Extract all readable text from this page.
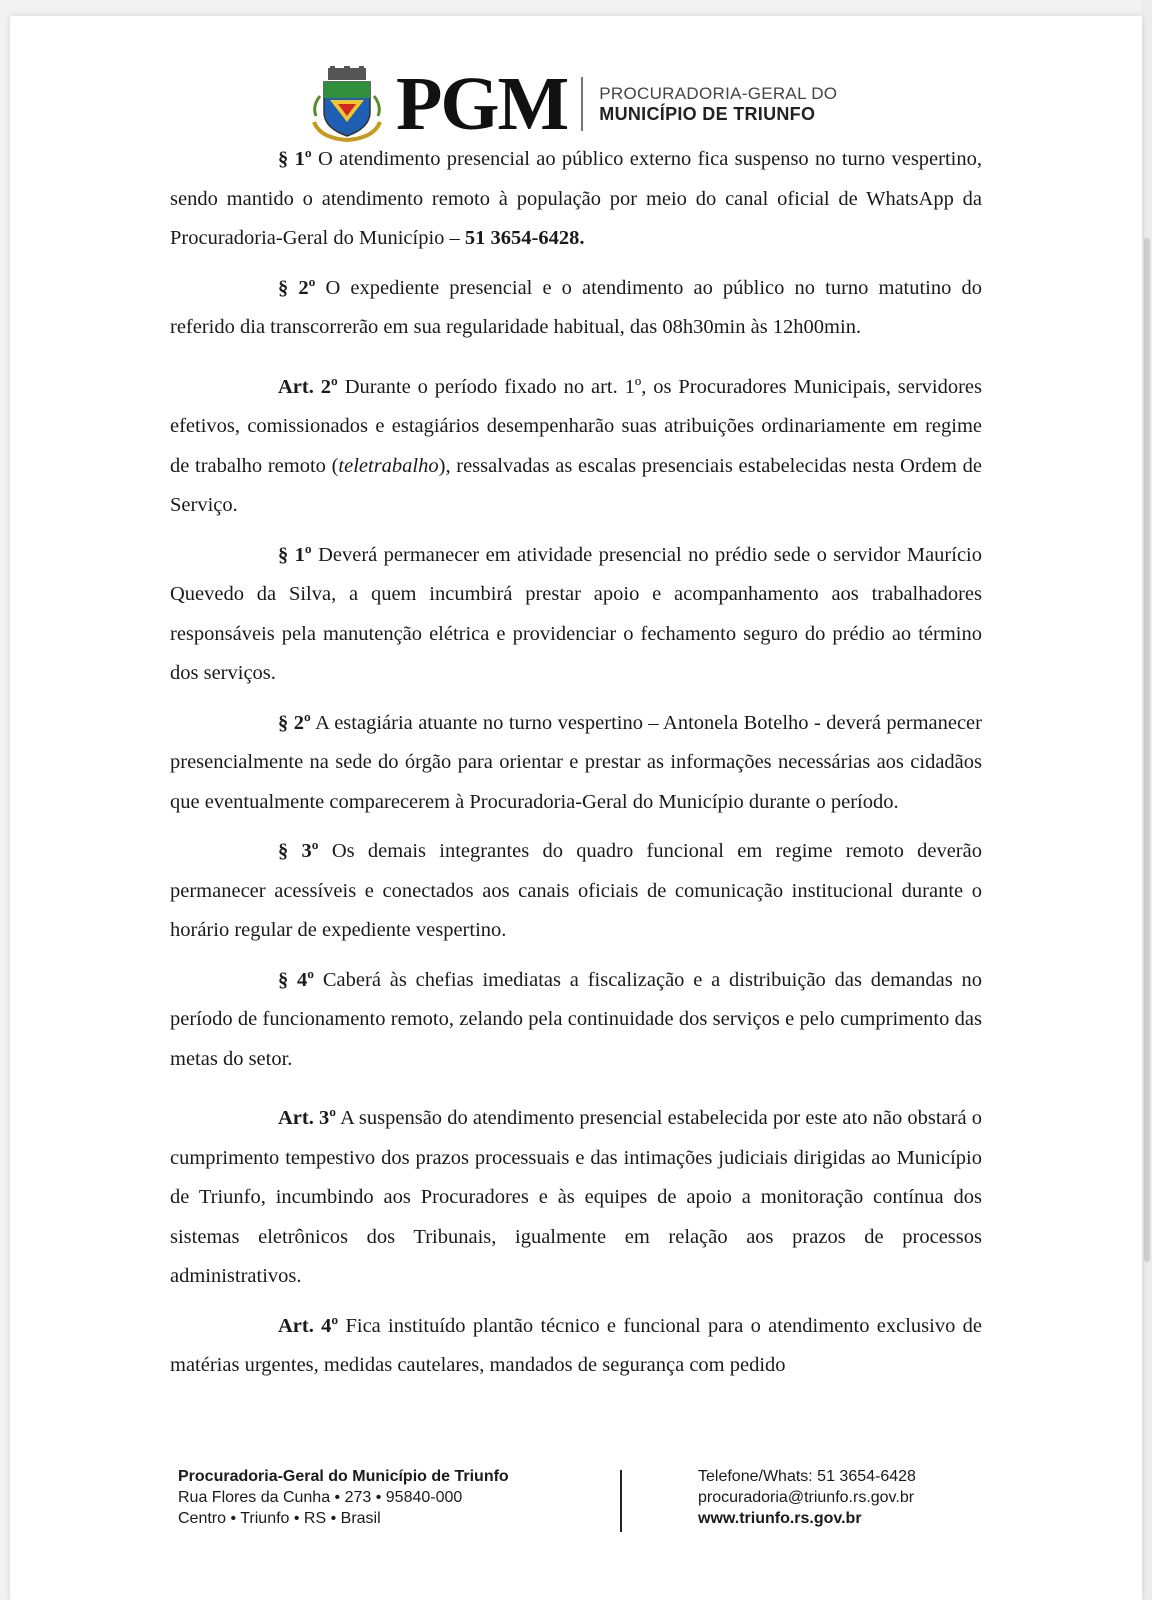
PGM PROCURADORIA-GERAL DO
MUNICÍPIO DE TRIUNFO

§ 1º O atendimento presencial ao público externo fica suspenso no turno vespertino, sendo mantido o atendimento remoto à população por meio do canal oficial de WhatsApp da Procuradoria-Geral do Município – 51 3654-6428.

§ 2º O expediente presencial e o atendimento ao público no turno matutino do referido dia transcorrerão em sua regularidade habitual, das 08h30min às 12h00min.

Art. 2º Durante o período fixado no art. 1º, os Procuradores Municipais, servidores efetivos, comissionados e estagiários desempenharão suas atribuições ordinariamente em regime de trabalho remoto (teletrabalho), ressalvadas as escalas presenciais estabelecidas nesta Ordem de Serviço.

§ 1º Deverá permanecer em atividade presencial no prédio sede o servidor Maurício Quevedo da Silva, a quem incumbirá prestar apoio e acompanhamento aos trabalhadores responsáveis pela manutenção elétrica e providenciar o fechamento seguro do prédio ao término dos serviços.

§ 2º A estagiária atuante no turno vespertino – Antonela Botelho - deverá permanecer presencialmente na sede do órgão para orientar e prestar as informações necessárias aos cidadãos que eventualmente comparecerem à Procuradoria-Geral do Município durante o período.

§ 3º Os demais integrantes do quadro funcional em regime remoto deverão permanecer acessíveis e conectados aos canais oficiais de comunicação institucional durante o horário regular de expediente vespertino.

§ 4º Caberá às chefias imediatas a fiscalização e a distribuição das demandas no período de funcionamento remoto, zelando pela continuidade dos serviços e pelo cumprimento das metas do setor.

Art. 3º A suspensão do atendimento presencial estabelecida por este ato não obstará o cumprimento tempestivo dos prazos processuais e das intimações judiciais dirigidas ao Município de Triunfo, incumbindo aos Procuradores e às equipes de apoio a monitoração contínua dos sistemas eletrônicos dos Tribunais, igualmente em relação aos prazos de processos administrativos.

Art. 4º Fica instituído plantão técnico e funcional para o atendimento exclusivo de matérias urgentes, medidas cautelares, mandados de segurança com pedido

Procuradoria-Geral do Município de Triunfo
Rua Flores da Cunha • 273 • 95840-000
Centro • Triunfo • RS • Brasil
Telefone/Whats: 51 3654-6428
procuradoria@triunfo.rs.gov.br
www.triunfo.rs.gov.br
